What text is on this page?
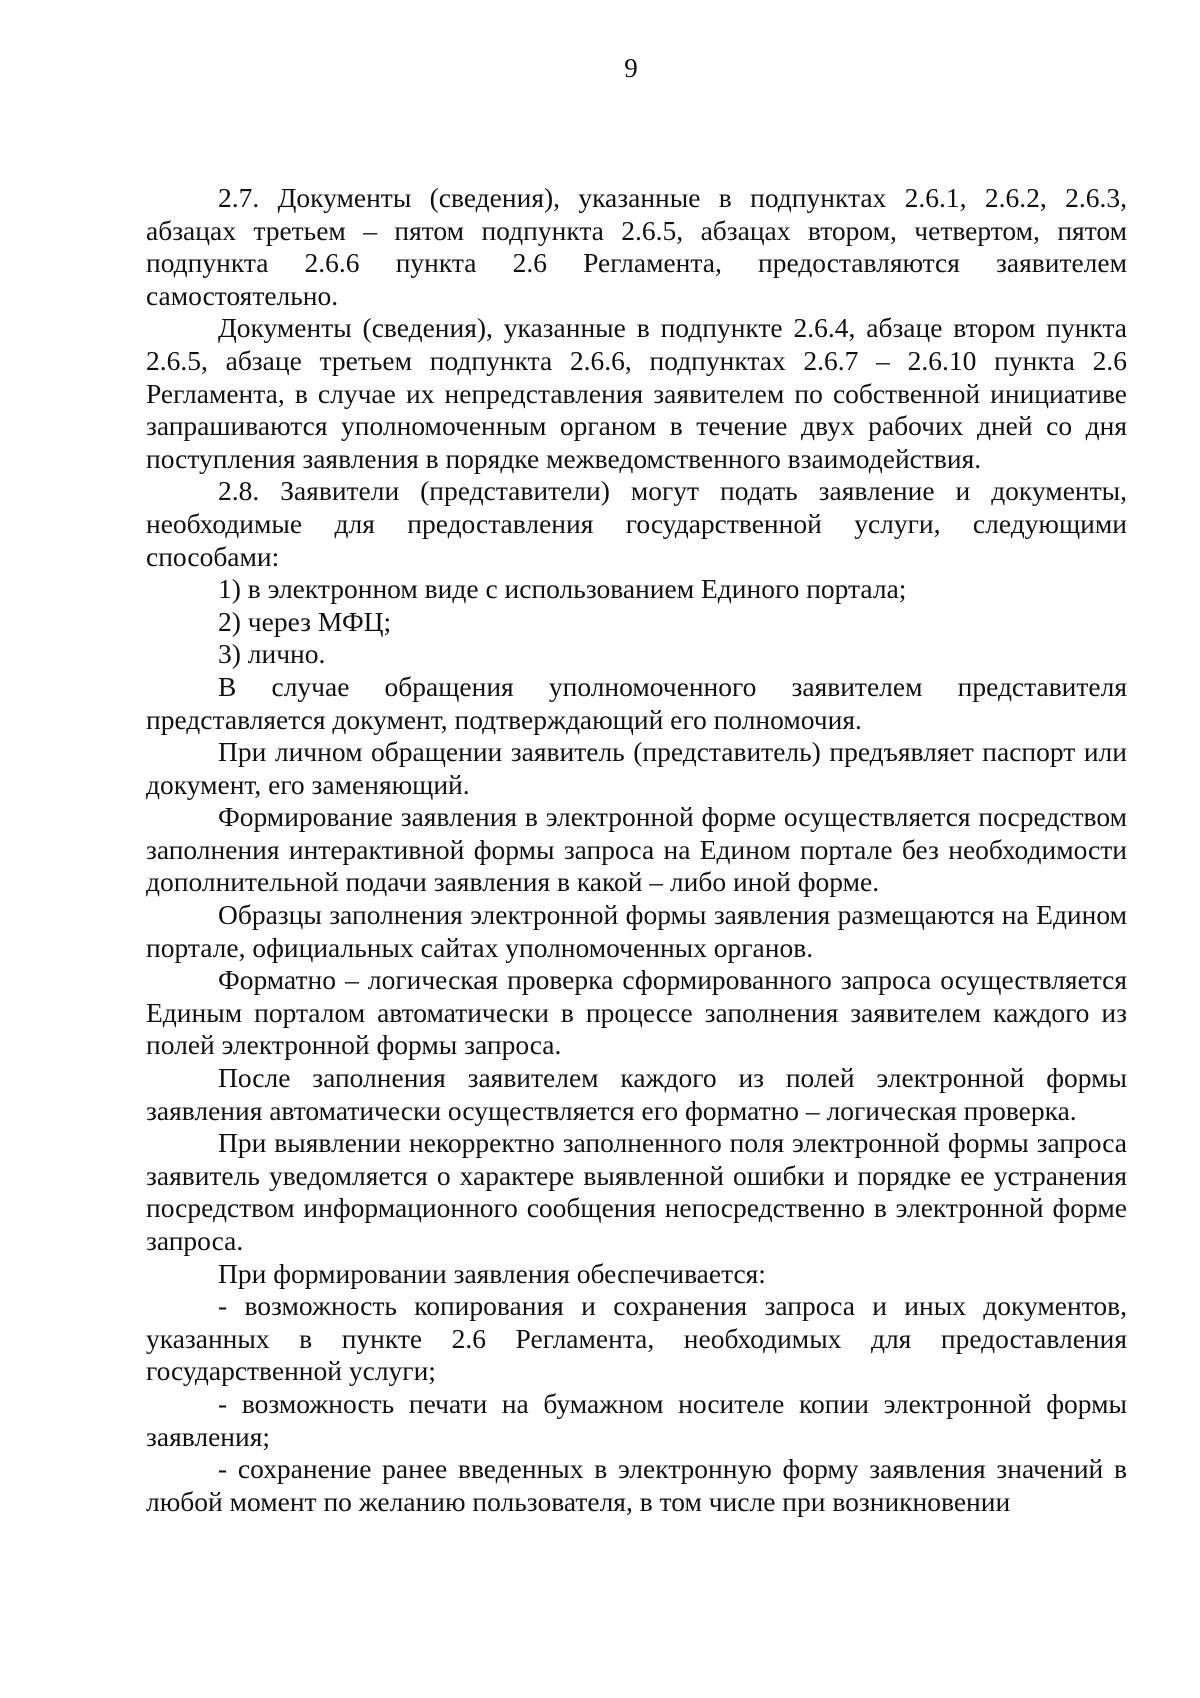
9

2.7. Документы (сведения), указанные в подпунктах 2.6.1, 2.6.2, 2.6.3, абзацах третьем – пятом подпункта 2.6.5, абзацах втором, четвертом, пятом подпункта 2.6.6 пункта 2.6 Регламента, предоставляются заявителем самостоятельно.

Документы (сведения), указанные в подпункте 2.6.4, абзаце втором пункта 2.6.5, абзаце третьем подпункта 2.6.6, подпунктах 2.6.7 – 2.6.10 пункта 2.6 Регламента, в случае их непредставления заявителем по собственной инициативе запрашиваются уполномоченным органом в течение двух рабочих дней со дня поступления заявления в порядке межведомственного взаимодействия.

2.8. Заявители (представители) могут подать заявление и документы, необходимые для предоставления государственной услуги, следующими способами:

1) в электронном виде с использованием Единого портала;

2) через МФЦ;

3) лично.

В случае обращения уполномоченного заявителем представителя представляется документ, подтверждающий его полномочия.

При личном обращении заявитель (представитель) предъявляет паспорт или документ, его заменяющий.

Формирование заявления в электронной форме осуществляется посредством заполнения интерактивной формы запроса на Едином портале без необходимости дополнительной подачи заявления в какой – либо иной форме.

Образцы заполнения электронной формы заявления размещаются на Едином портале, официальных сайтах уполномоченных органов.

Форматно – логическая проверка сформированного запроса осуществляется Единым порталом автоматически в процессе заполнения заявителем каждого из полей электронной формы запроса.

После заполнения заявителем каждого из полей электронной формы заявления автоматически осуществляется его форматно – логическая проверка.

При выявлении некорректно заполненного поля электронной формы запроса заявитель уведомляется о характере выявленной ошибки и порядке ее устранения посредством информационного сообщения непосредственно в электронной форме запроса.

При формировании заявления обеспечивается:

- возможность копирования и сохранения запроса и иных документов, указанных в пункте 2.6 Регламента, необходимых для предоставления государственной услуги;

- возможность печати на бумажном носителе копии электронной формы заявления;

- сохранение ранее введенных в электронную форму заявления значений в любой момент по желанию пользователя, в том числе при возникновении
